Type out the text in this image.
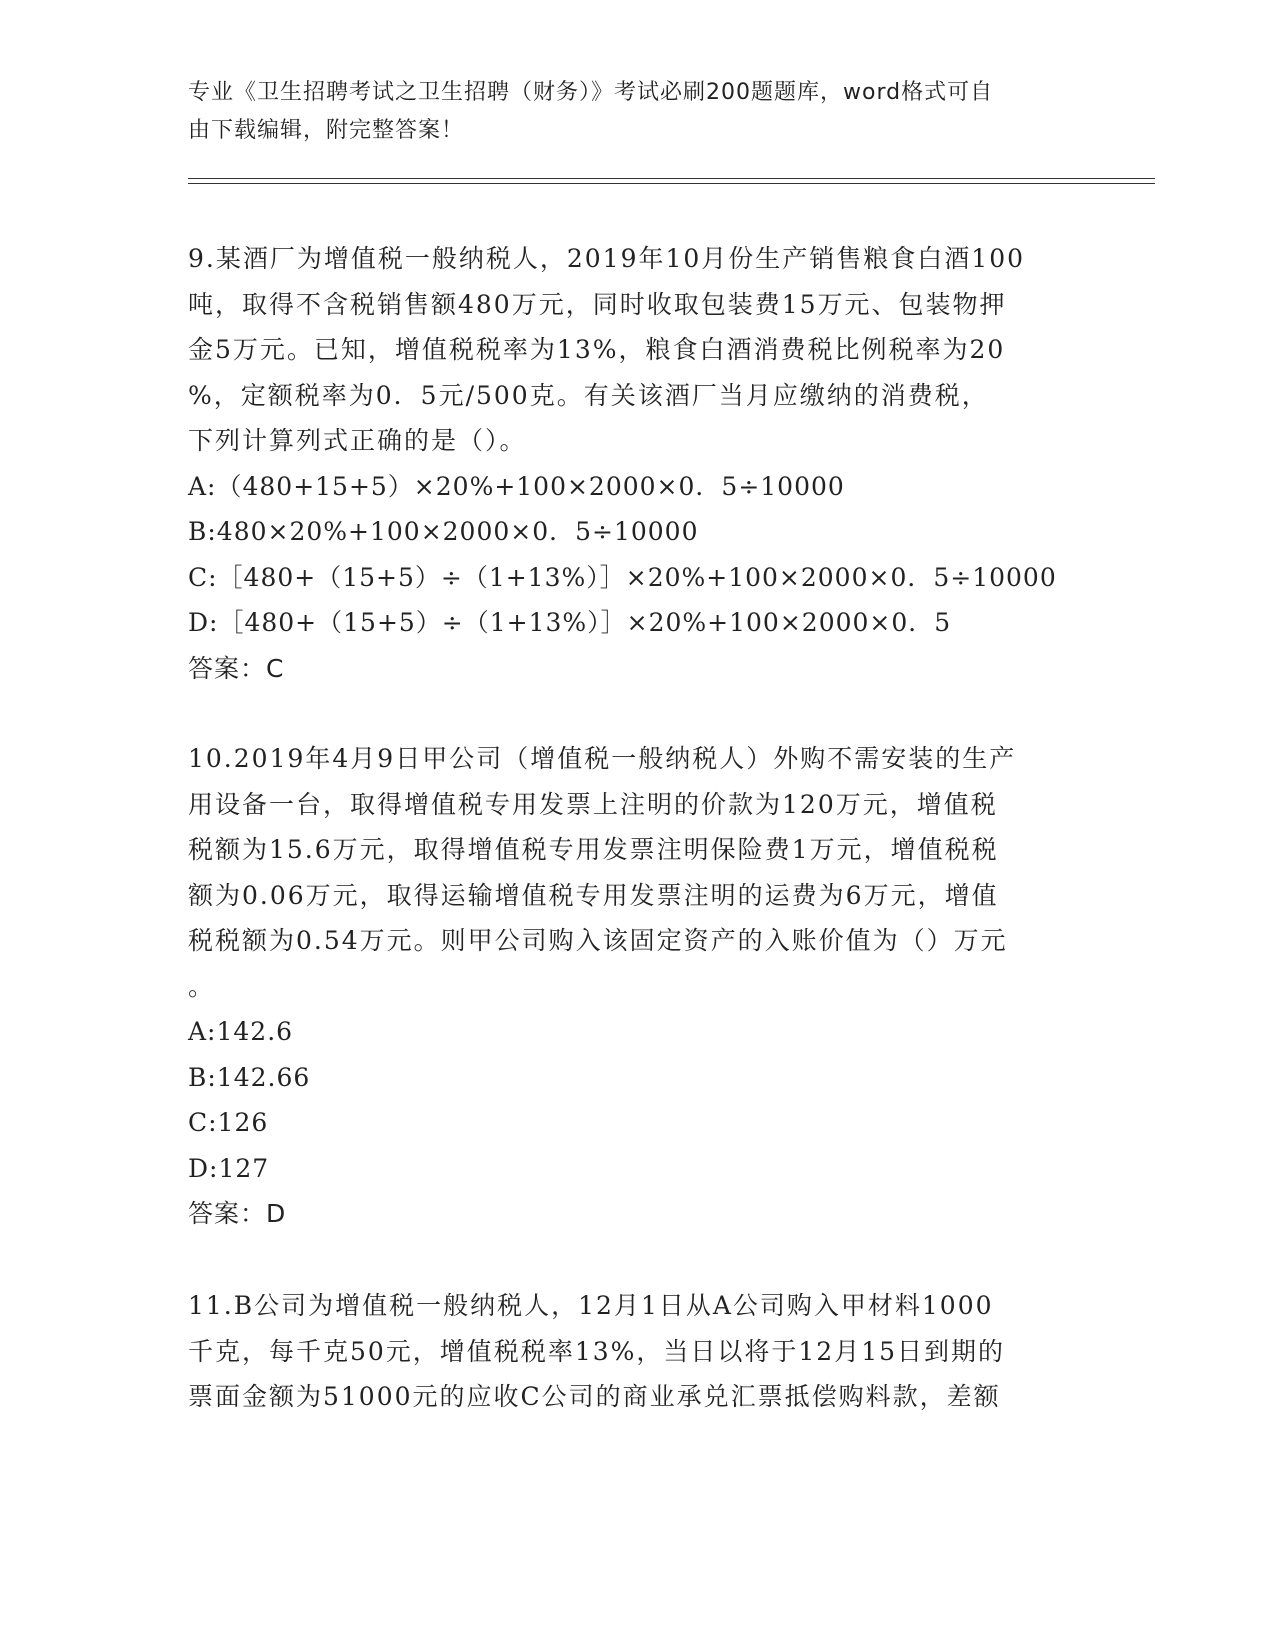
专业《卫生招聘考试之卫生招聘（财务）》考试必刷200题题库，word格式可自
由下载编辑，附完整答案！

9.某酒厂为增值税一般纳税人，2019年10月份生产销售粮食白酒100

吨，取得不含税销售额480万元，同时收取包装费15万元、包装物押

金5万元。已知，增值税税率为13%，粮食白酒消费税比例税率为20

%，定额税率为0．5元/500克。有关该酒厂当月应缴纳的消费税，

下列计算列式正确的是（）。

A:（480+15+5）×20%+100×2000×0．5÷10000

B:480×20%+100×2000×0．5÷10000

C:［480+（15+5）÷（1+13%）］×20%+100×2000×0．5÷10000

D:［480+（15+5）÷（1+13%）］×20%+100×2000×0．5

答案：C

10.2019年4月9日甲公司（增值税一般纳税人）外购不需安装的生产

用设备一台，取得增值税专用发票上注明的价款为120万元，增值税

税额为15.6万元，取得增值税专用发票注明保险费1万元，增值税税

额为0.06万元，取得运输增值税专用发票注明的运费为6万元，增值

税税额为0.54万元。则甲公司购入该固定资产的入账价值为（）万元

。

A:142.6

B:142.66

C:126

D:127

答案：D

11.B公司为增值税一般纳税人，12月1日从A公司购入甲材料1000

千克，每千克50元，增值税税率13%，当日以将于12月15日到期的

票面金额为51000元的应收C公司的商业承兑汇票抵偿购料款，差额
